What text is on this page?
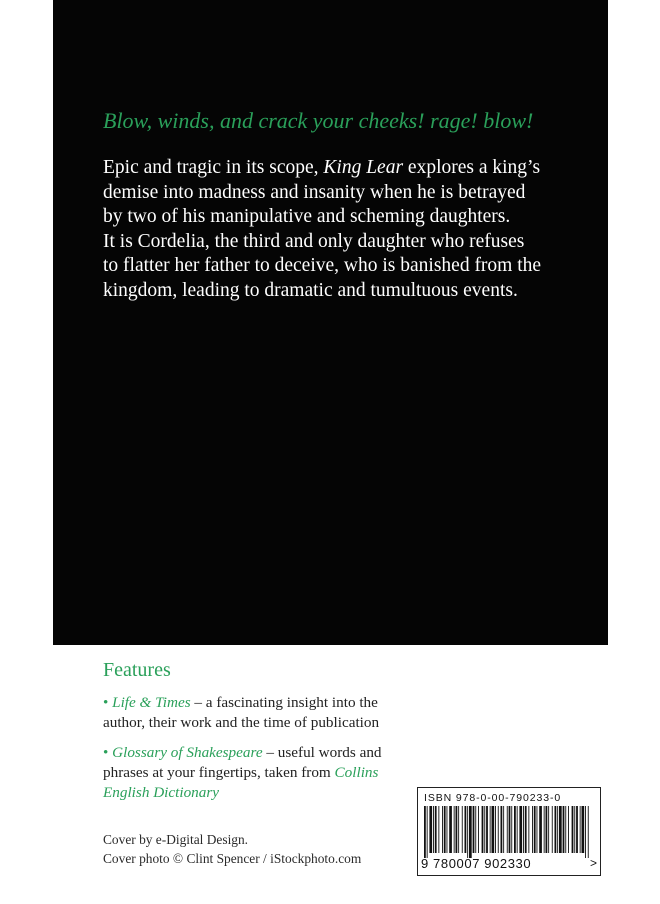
Blow, winds, and crack your cheeks! rage! blow!
Epic and tragic in its scope, King Lear explores a king’s
demise into madness and insanity when he is betrayed
by two of his manipulative and scheming daughters.
It is Cordelia, the third and only daughter who refuses
to flatter her father to deceive, who is banished from the
kingdom, leading to dramatic and tumultuous events.
Features
• Life & Times – a fascinating insight into the
author, their work and the time of publication
• Glossary of Shakespeare – useful words and
phrases at your fingertips, taken from Collins
English Dictionary
Cover by e-Digital Design.
Cover photo © Clint Spencer / iStockphoto.com
ISBN 978-0-00-790233-0
9 780007 902330	>
